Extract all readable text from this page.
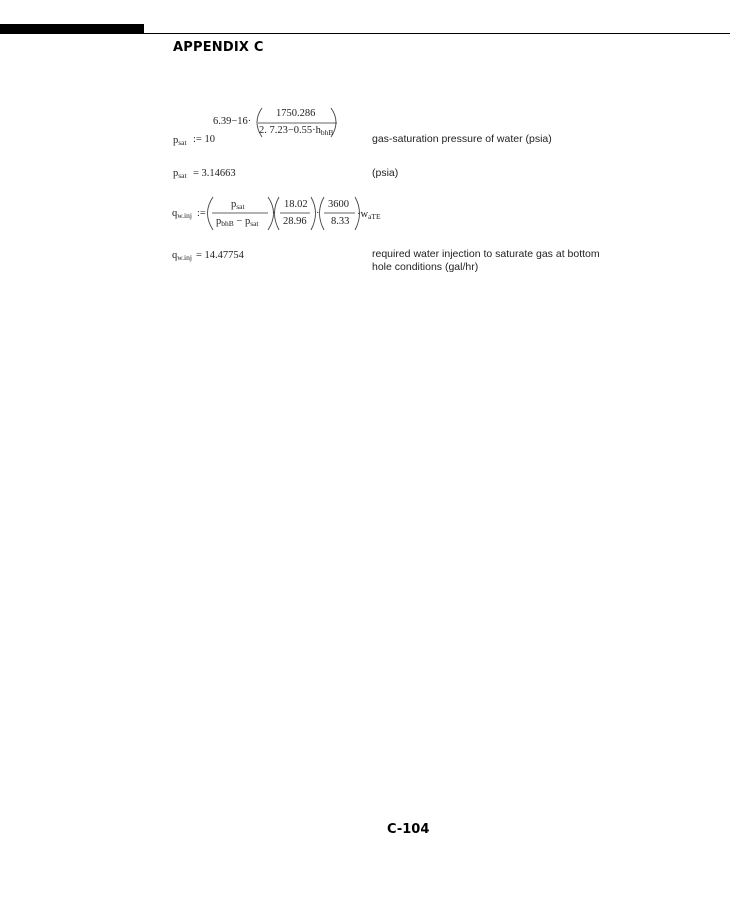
APPENDIX C
$p_{sat}$ := 10
6.39−16·
1750.286
2. $7.23-0.55\cdot h_{bhB}$
gas-saturation pressure of water (psia)
$p_{sat} = 3.14663$	(psia)
$q_{w.inj}$ :=
$p_{sat}$
$p_{bhB} - p_{sat}$
·
18.02
28.96
·
3600
8.33
$\cdot w_{aTE}$
$q_{w.inj} = 14.47754$	required water injection to saturate gas at bottom
hole conditions (gal/hr)
C-104
